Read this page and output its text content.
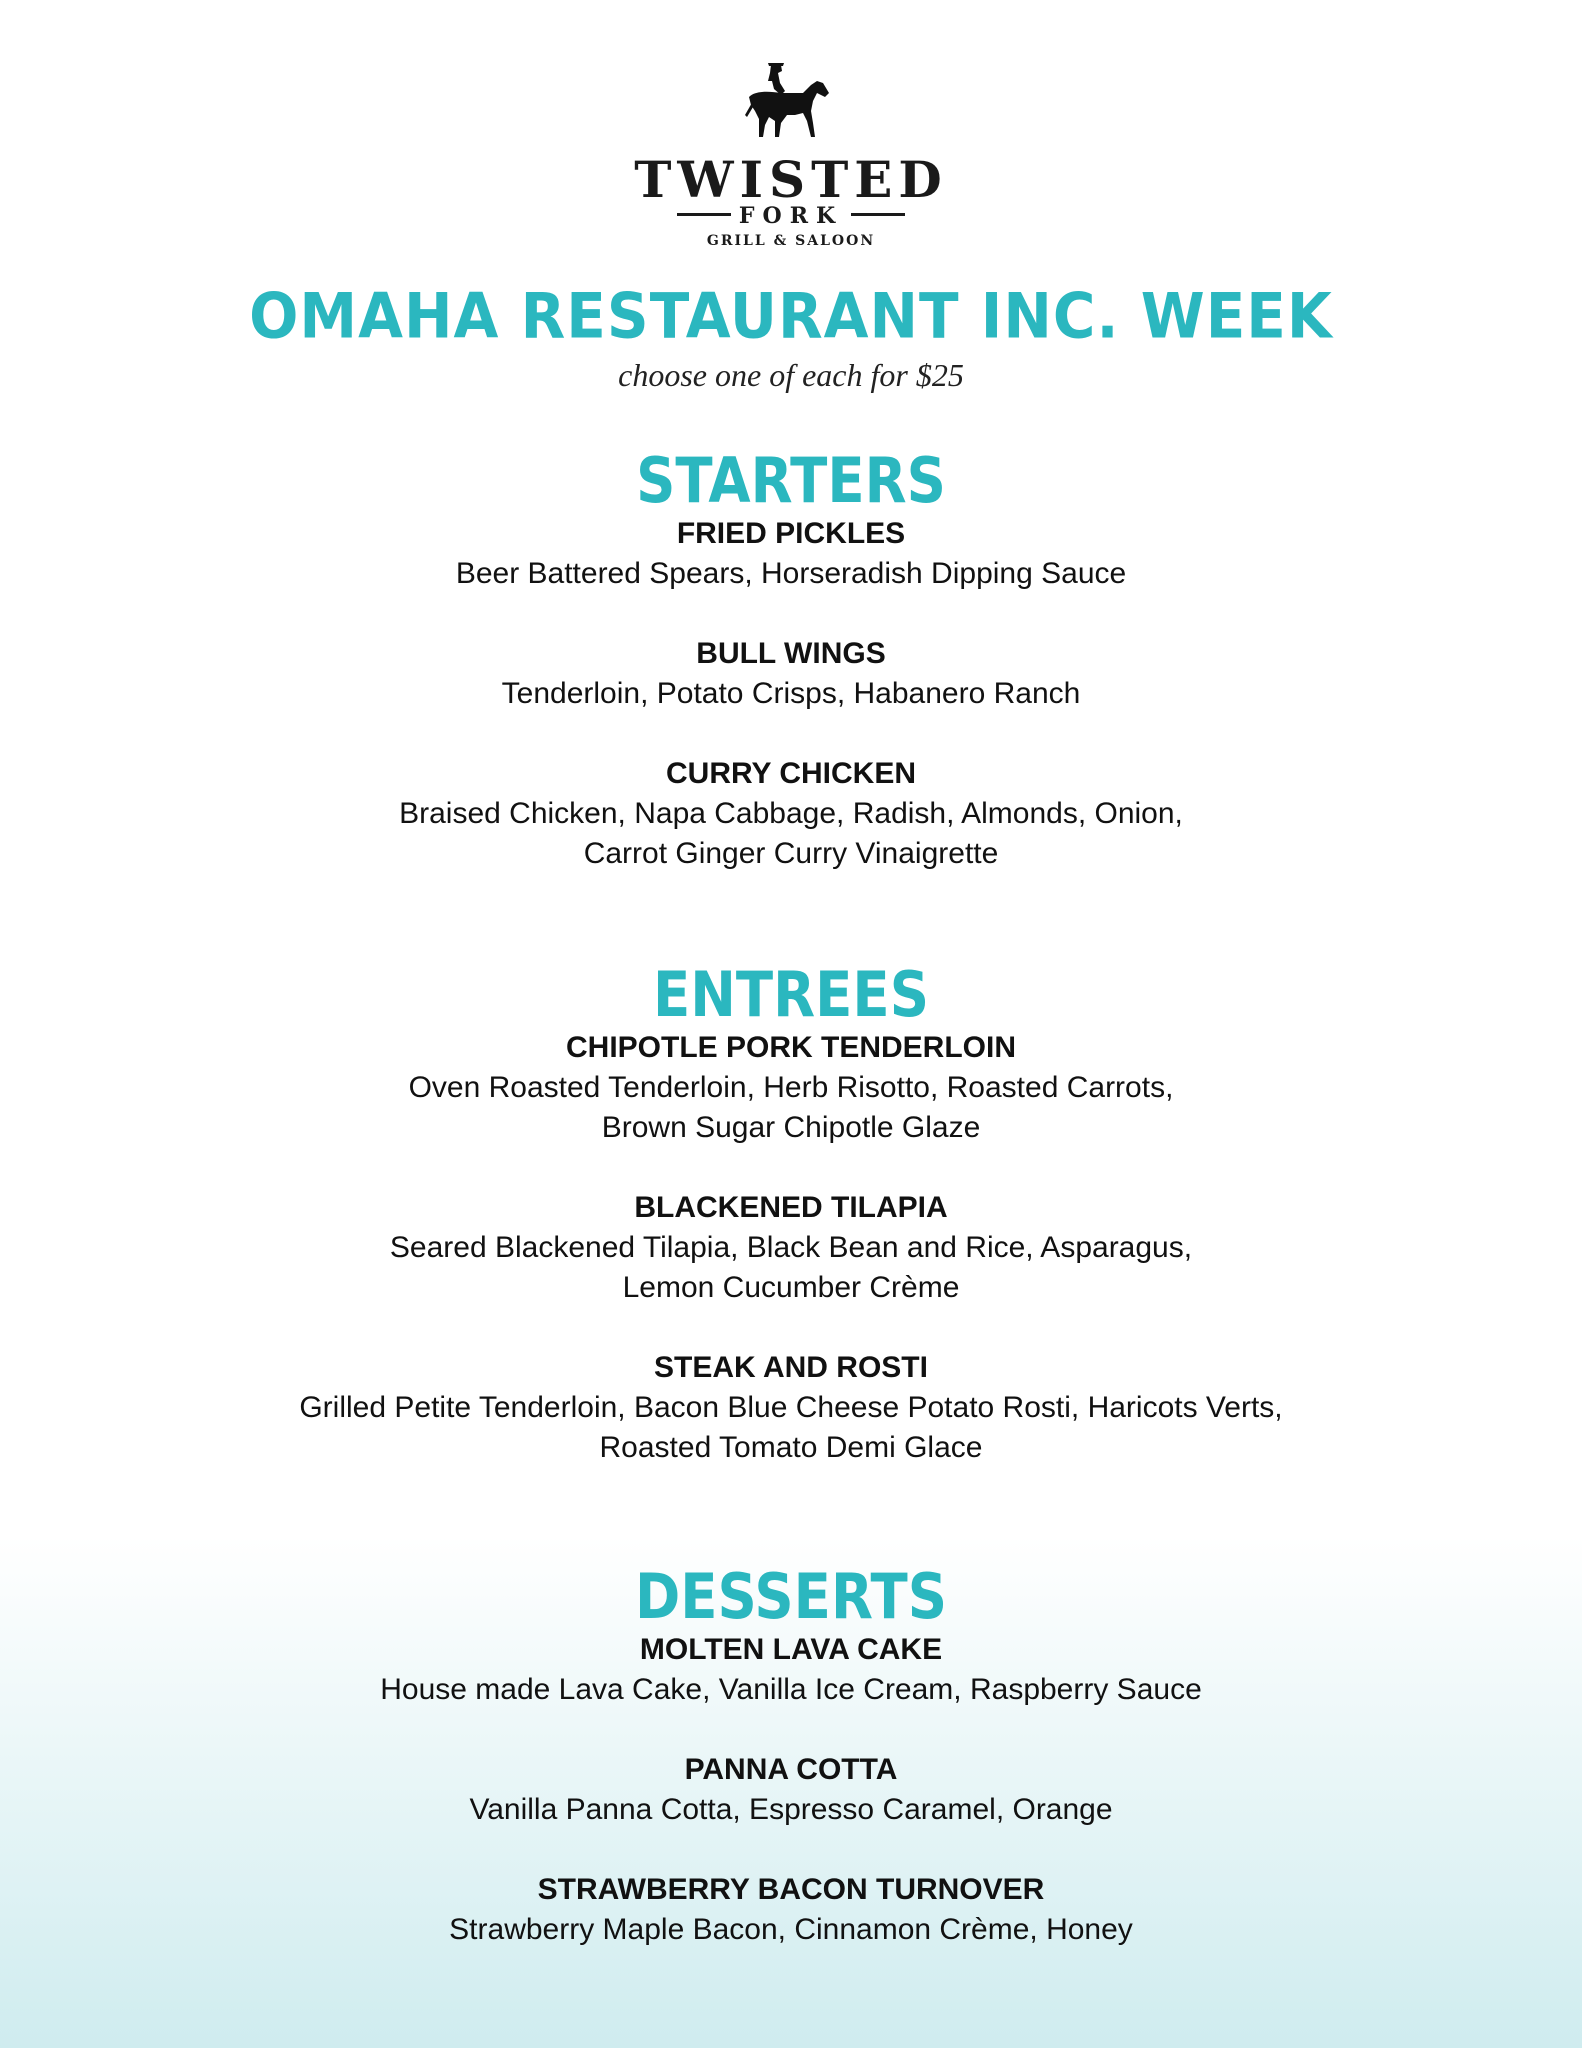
TWISTED
FORK
GRILL & SALOON
OMAHA RESTAURANT INC. WEEK
choose one of each for $25
STARTERS
FRIED PICKLES
Beer Battered Spears, Horseradish Dipping Sauce
BULL WINGS
Tenderloin, Potato Crisps, Habanero Ranch
CURRY CHICKEN
Braised Chicken, Napa Cabbage, Radish, Almonds, Onion,
Carrot Ginger Curry Vinaigrette
ENTREES
CHIPOTLE PORK TENDERLOIN
Oven Roasted Tenderloin, Herb Risotto, Roasted Carrots,
Brown Sugar Chipotle Glaze
BLACKENED TILAPIA
Seared Blackened Tilapia, Black Bean and Rice, Asparagus,
Lemon Cucumber Crème
STEAK AND ROSTI
Grilled Petite Tenderloin, Bacon Blue Cheese Potato Rosti, Haricots Verts,
Roasted Tomato Demi Glace
DESSERTS
MOLTEN LAVA CAKE
House made Lava Cake, Vanilla Ice Cream, Raspberry Sauce
PANNA COTTA
Vanilla Panna Cotta, Espresso Caramel, Orange
STRAWBERRY BACON TURNOVER
Strawberry Maple Bacon, Cinnamon Crème, Honey
